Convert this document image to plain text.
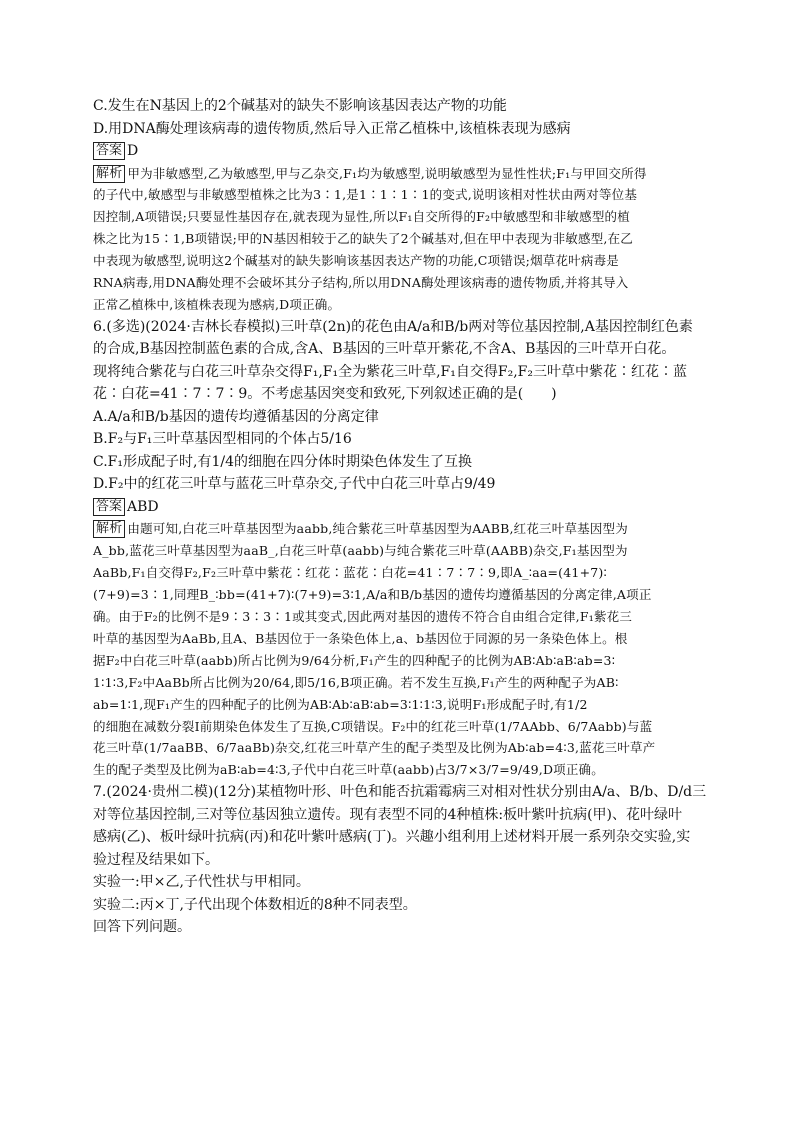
C.发生在N基因上的2个碱基对的缺失不影响该基因表达产物的功能
D.用DNA酶处理该病毒的遗传物质,然后导入正常乙植株中,该植株表现为感病
答案 D
解析 甲为非敏感型,乙为敏感型,甲与乙杂交,F₁均为敏感型,说明敏感型为显性性状;F₁与甲回交所得
的子代中,敏感型与非敏感型植株之比为3∶1,是1∶1∶1∶1的变式,说明该相对性状由两对等位基
因控制,A项错误;只要显性基因存在,就表现为显性,所以F₁自交所得的F₂中敏感型和非敏感型的植
株之比为15∶1,B项错误;甲的N基因相较于乙的缺失了2个碱基对,但在甲中表现为非敏感型,在乙
中表现为敏感型,说明这2个碱基对的缺失影响该基因表达产物的功能,C项错误;烟草花叶病毒是
RNA病毒,用DNA酶处理不会破坏其分子结构,所以用DNA酶处理该病毒的遗传物质,并将其导入
正常乙植株中,该植株表现为感病,D项正确。
6.(多选)(2024·吉林长春模拟)三叶草(2n)的花色由A/a和B/b两对等位基因控制,A基因控制红色素
的合成,B基因控制蓝色素的合成,含A、B基因的三叶草开紫花,不含A、B基因的三叶草开白花。
现将纯合紫花与白花三叶草杂交得F₁,F₁全为紫花三叶草,F₁自交得F₂,F₂三叶草中紫花∶红花∶蓝
花∶白花=41∶7∶7∶9。不考虑基因突变和致死,下列叙述正确的是(　　)
A.A/a和B/b基因的遗传均遵循基因的分离定律
B.F₂与F₁三叶草基因型相同的个体占5/16
C.F₁形成配子时,有1/4的细胞在四分体时期染色体发生了互换
D.F₂中的红花三叶草与蓝花三叶草杂交,子代中白花三叶草占9/49
答案 ABD
解析 由题可知,白花三叶草基因型为aabb,纯合紫花三叶草基因型为AABB,红花三叶草基因型为
A_bb,蓝花三叶草基因型为aaB_,白花三叶草(aabb)与纯合紫花三叶草(AABB)杂交,F₁基因型为
AaBb,F₁自交得F₂,F₂三叶草中紫花∶红花∶蓝花∶白花=41∶7∶7∶9,即A_∶aa=(41+7)∶
(7+9)=3∶1,同理B_∶bb=(41+7)∶(7+9)=3∶1,A/a和B/b基因的遗传均遵循基因的分离定律,A项正
确。由于F₂的比例不是9∶3∶3∶1或其变式,因此两对基因的遗传不符合自由组合定律,F₁紫花三
叶草的基因型为AaBb,且A、B基因位于一条染色体上,a、b基因位于同源的另一条染色体上。根
据F₂中白花三叶草(aabb)所占比例为9/64分析,F₁产生的四种配子的比例为AB∶Ab∶aB∶ab=3∶
1∶1∶3,F₂中AaBb所占比例为20/64,即5/16,B项正确。若不发生互换,F₁产生的两种配子为AB∶
ab=1∶1,现F₁产生的四种配子的比例为AB∶Ab∶aB∶ab=3∶1∶1∶3,说明F₁形成配子时,有1/2
的细胞在减数分裂Ⅰ前期染色体发生了互换,C项错误。F₂中的红花三叶草(1/7AAbb、6/7Aabb)与蓝
花三叶草(1/7aaBB、6/7aaBb)杂交,红花三叶草产生的配子类型及比例为Ab∶ab=4∶3,蓝花三叶草产
生的配子类型及比例为aB∶ab=4∶3,子代中白花三叶草(aabb)占3/7×3/7=9/49,D项正确。
7.(2024·贵州二模)(12分)某植物叶形、叶色和能否抗霜霉病三对相对性状分别由A/a、B/b、D/d三
对等位基因控制,三对等位基因独立遗传。现有表型不同的4种植株:板叶紫叶抗病(甲)、花叶绿叶
感病(乙)、板叶绿叶抗病(丙)和花叶紫叶感病(丁)。兴趣小组利用上述材料开展一系列杂交实验,实
验过程及结果如下。
实验一:甲×乙,子代性状与甲相同。
实验二:丙×丁,子代出现个体数相近的8种不同表型。
回答下列问题。
